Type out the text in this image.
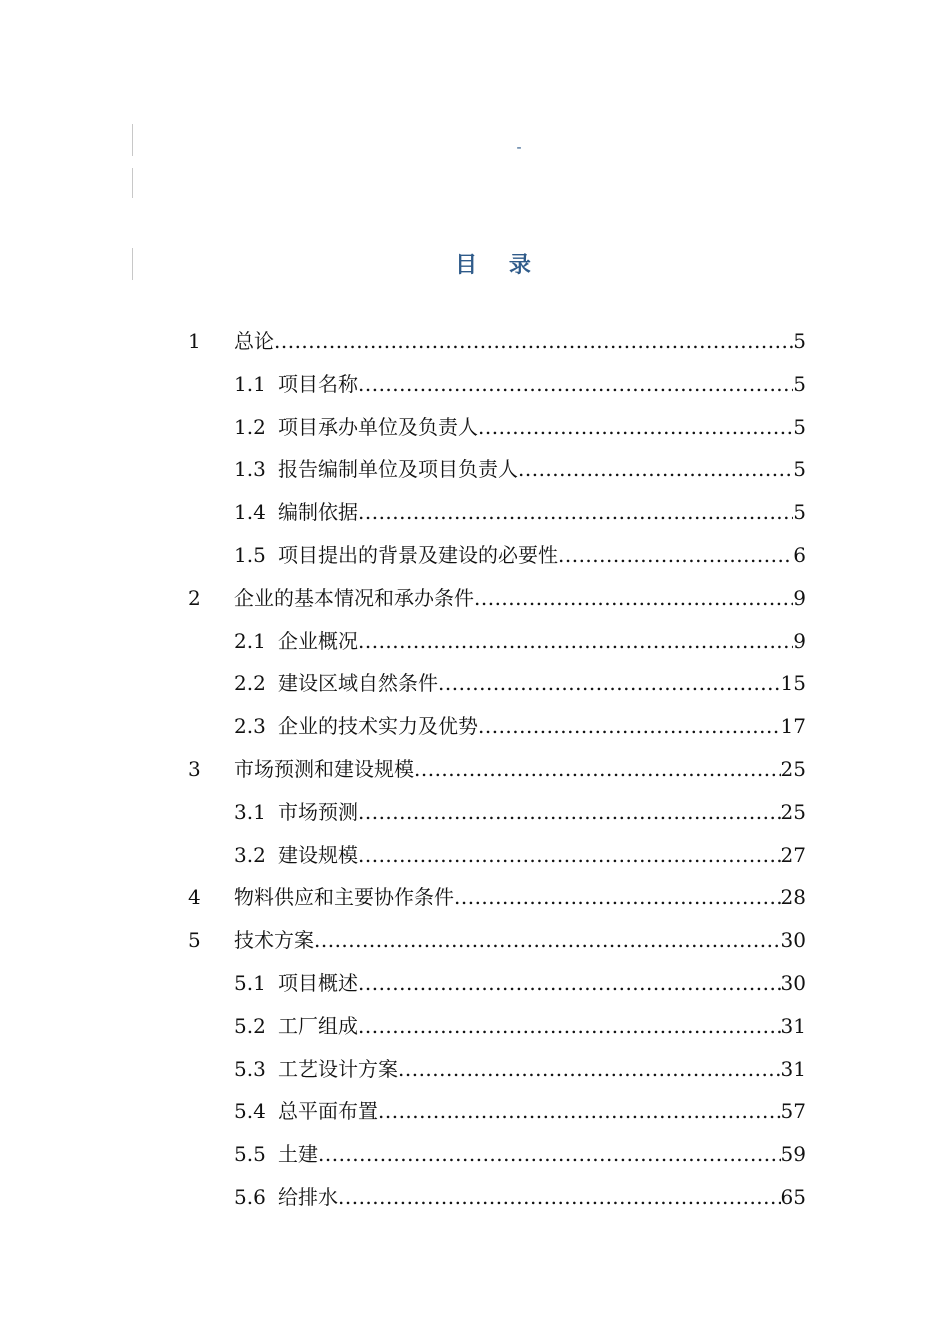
-
目 录
1 总论 .....	5
1.1 项目名称 .....	5
1.2 项目承办单位及负责人 .....	5
1.3 报告编制单位及项目负责人 .....	5
1.4 编制依据 .....	5
1.5 项目提出的背景及建设的必要性 .....	6
2 企业的基本情况和承办条件 .....	9
2.1 企业概况 .....	9
2.2 建设区域自然条件 .....	15
2.3 企业的技术实力及优势 .....	17
3 市场预测和建设规模 .....	25
3.1 市场预测 .....	25
3.2 建设规模 .....	27
4 物料供应和主要协作条件 .....	28
5 技术方案 .....	30
5.1 项目概述 .....	30
5.2 工厂组成 .....	31
5.3 工艺设计方案 .....	31
5.4 总平面布置 .....	57
5.5 土建 .....	59
5.6 给排水 .....	65
